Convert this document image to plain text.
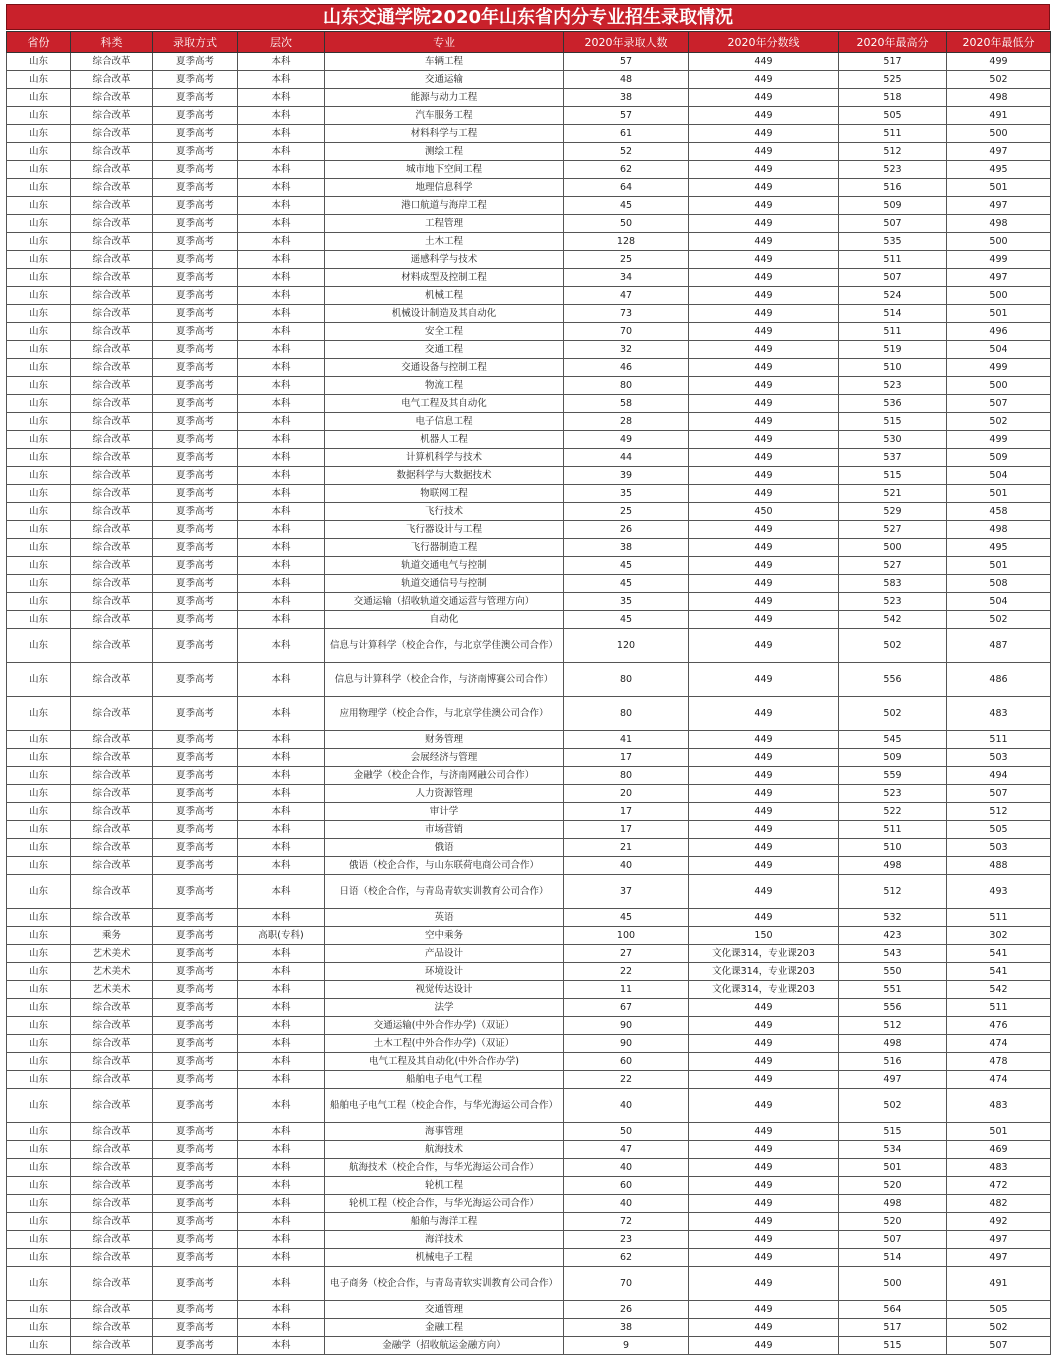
山东交通学院2020年山东省内分专业招生录取情况
省份	科类	录取方式	层次	专业	2020年录取人数	2020年分数线	2020年最高分	2020年最低分
山东	综合改革	夏季高考	本科	车辆工程	57	449	517	499
山东	综合改革	夏季高考	本科	交通运输	48	449	525	502
山东	综合改革	夏季高考	本科	能源与动力工程	38	449	518	498
山东	综合改革	夏季高考	本科	汽车服务工程	57	449	505	491
山东	综合改革	夏季高考	本科	材料科学与工程	61	449	511	500
山东	综合改革	夏季高考	本科	测绘工程	52	449	512	497
山东	综合改革	夏季高考	本科	城市地下空间工程	62	449	523	495
山东	综合改革	夏季高考	本科	地理信息科学	64	449	516	501
山东	综合改革	夏季高考	本科	港口航道与海岸工程	45	449	509	497
山东	综合改革	夏季高考	本科	工程管理	50	449	507	498
山东	综合改革	夏季高考	本科	土木工程	128	449	535	500
山东	综合改革	夏季高考	本科	遥感科学与技术	25	449	511	499
山东	综合改革	夏季高考	本科	材料成型及控制工程	34	449	507	497
山东	综合改革	夏季高考	本科	机械工程	47	449	524	500
山东	综合改革	夏季高考	本科	机械设计制造及其自动化	73	449	514	501
山东	综合改革	夏季高考	本科	安全工程	70	449	511	496
山东	综合改革	夏季高考	本科	交通工程	32	449	519	504
山东	综合改革	夏季高考	本科	交通设备与控制工程	46	449	510	499
山东	综合改革	夏季高考	本科	物流工程	80	449	523	500
山东	综合改革	夏季高考	本科	电气工程及其自动化	58	449	536	507
山东	综合改革	夏季高考	本科	电子信息工程	28	449	515	502
山东	综合改革	夏季高考	本科	机器人工程	49	449	530	499
山东	综合改革	夏季高考	本科	计算机科学与技术	44	449	537	509
山东	综合改革	夏季高考	本科	数据科学与大数据技术	39	449	515	504
山东	综合改革	夏季高考	本科	物联网工程	35	449	521	501
山东	综合改革	夏季高考	本科	飞行技术	25	450	529	458
山东	综合改革	夏季高考	本科	飞行器设计与工程	26	449	527	498
山东	综合改革	夏季高考	本科	飞行器制造工程	38	449	500	495
山东	综合改革	夏季高考	本科	轨道交通电气与控制	45	449	527	501
山东	综合改革	夏季高考	本科	轨道交通信号与控制	45	449	583	508
山东	综合改革	夏季高考	本科	交通运输（招收轨道交通运营与管理方向）	35	449	523	504
山东	综合改革	夏季高考	本科	自动化	45	449	542	502
山东	综合改革	夏季高考	本科	信息与计算科学（校企合作，与北京学佳澳公司合作）	120	449	502	487
山东	综合改革	夏季高考	本科	信息与计算科学（校企合作，与济南博赛公司合作）	80	449	556	486
山东	综合改革	夏季高考	本科	应用物理学（校企合作，与北京学佳澳公司合作）	80	449	502	483
山东	综合改革	夏季高考	本科	财务管理	41	449	545	511
山东	综合改革	夏季高考	本科	会展经济与管理	17	449	509	503
山东	综合改革	夏季高考	本科	金融学（校企合作，与济南网融公司合作）	80	449	559	494
山东	综合改革	夏季高考	本科	人力资源管理	20	449	523	507
山东	综合改革	夏季高考	本科	审计学	17	449	522	512
山东	综合改革	夏季高考	本科	市场营销	17	449	511	505
山东	综合改革	夏季高考	本科	俄语	21	449	510	503
山东	综合改革	夏季高考	本科	俄语（校企合作，与山东联荷电商公司合作）	40	449	498	488
山东	综合改革	夏季高考	本科	日语（校企合作，与青岛青软实训教育公司合作）	37	449	512	493
山东	综合改革	夏季高考	本科	英语	45	449	532	511
山东	乘务	夏季高考	高职(专科)	空中乘务	100	150	423	302
山东	艺术美术	夏季高考	本科	产品设计	27	文化课314，专业课203	543	541
山东	艺术美术	夏季高考	本科	环境设计	22	文化课314，专业课203	550	541
山东	艺术美术	夏季高考	本科	视觉传达设计	11	文化课314，专业课203	551	542
山东	综合改革	夏季高考	本科	法学	67	449	556	511
山东	综合改革	夏季高考	本科	交通运输(中外合作办学)（双证）	90	449	512	476
山东	综合改革	夏季高考	本科	土木工程(中外合作办学)（双证）	90	449	498	474
山东	综合改革	夏季高考	本科	电气工程及其自动化(中外合作办学)	60	449	516	478
山东	综合改革	夏季高考	本科	船舶电子电气工程	22	449	497	474
山东	综合改革	夏季高考	本科	船舶电子电气工程（校企合作，与华光海运公司合作）	40	449	502	483
山东	综合改革	夏季高考	本科	海事管理	50	449	515	501
山东	综合改革	夏季高考	本科	航海技术	47	449	534	469
山东	综合改革	夏季高考	本科	航海技术（校企合作，与华光海运公司合作）	40	449	501	483
山东	综合改革	夏季高考	本科	轮机工程	60	449	520	472
山东	综合改革	夏季高考	本科	轮机工程（校企合作，与华光海运公司合作）	40	449	498	482
山东	综合改革	夏季高考	本科	船舶与海洋工程	72	449	520	492
山东	综合改革	夏季高考	本科	海洋技术	23	449	507	497
山东	综合改革	夏季高考	本科	机械电子工程	62	449	514	497
山东	综合改革	夏季高考	本科	电子商务（校企合作，与青岛青软实训教育公司合作）	70	449	500	491
山东	综合改革	夏季高考	本科	交通管理	26	449	564	505
山东	综合改革	夏季高考	本科	金融工程	38	449	517	502
山东	综合改革	夏季高考	本科	金融学（招收航运金融方向）	9	449	515	507
